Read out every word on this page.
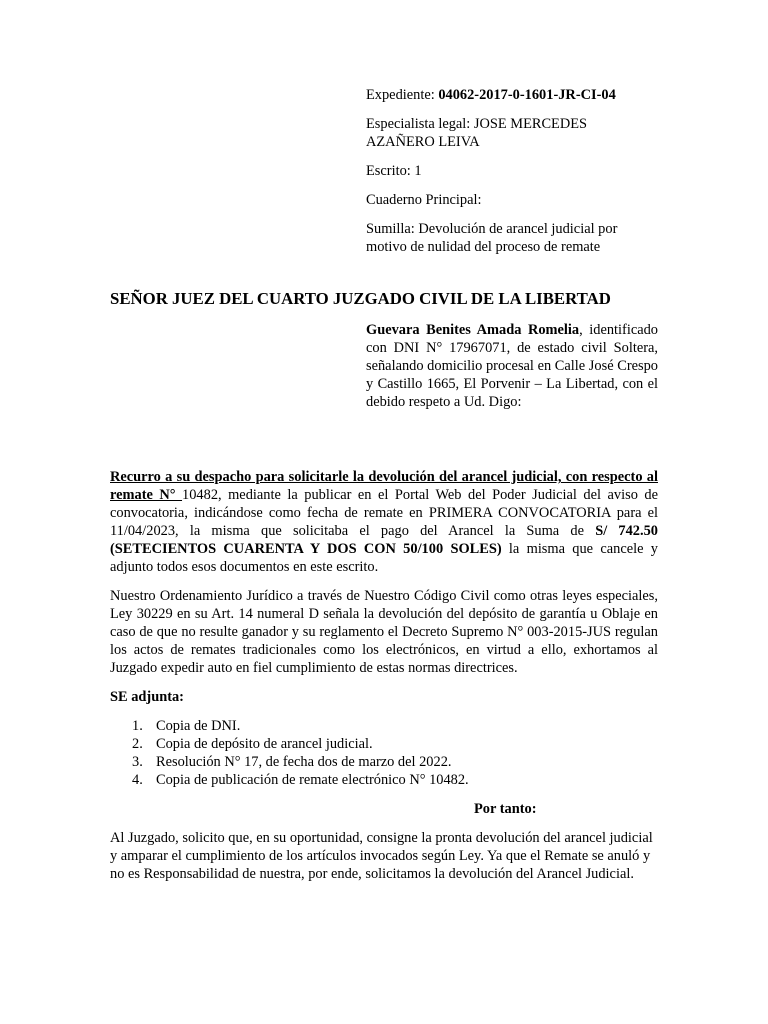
Expediente: 04062-2017-0-1601-JR-CI-04

Especialista legal: JOSE MERCEDES AZAÑERO LEIVA

Escrito: 1

Cuaderno Principal:

Sumilla: Devolución de arancel judicial por motivo de nulidad del proceso de remate

SEÑOR JUEZ DEL CUARTO JUZGADO CIVIL DE LA LIBERTAD

Guevara Benites Amada Romelia, identificado con DNI N° 17967071, de estado civil Soltera, señalando domicilio procesal en Calle José Crespo y Castillo 1665, El Porvenir – La Libertad, con el debido respeto a Ud. Digo:

Recurro a su despacho para solicitarle la devolución del arancel judicial, con respecto al remate N° 10482, mediante la publicar en el Portal Web del Poder Judicial del aviso de convocatoria, indicándose como fecha de remate en PRIMERA CONVOCATORIA para el 11/04/2023, la misma que solicitaba el pago del Arancel la Suma de S/ 742.50 (SETECIENTOS CUARENTA Y DOS CON 50/100 SOLES) la misma que cancele y adjunto todos esos documentos en este escrito.

Nuestro Ordenamiento Jurídico a través de Nuestro Código Civil como otras leyes especiales, Ley 30229 en su Art. 14 numeral D señala la devolución del depósito de garantía u Oblaje en caso de que no resulte ganador y su reglamento el Decreto Supremo N° 003-2015-JUS regulan los actos de remates tradicionales como los electrónicos, en virtud a ello, exhortamos al Juzgado expedir auto en fiel cumplimiento de estas normas directrices.

SE adjunta:

1. Copia de DNI.
2. Copia de depósito de arancel judicial.
3. Resolución N° 17, de fecha dos de marzo del 2022.
4. Copia de publicación de remate electrónico N° 10482.

Por tanto:

Al Juzgado, solicito que, en su oportunidad, consigne la pronta devolución del arancel judicial y amparar el cumplimiento de los artículos invocados según Ley. Ya que el Remate se anuló y no es Responsabilidad de nuestra, por ende, solicitamos la devolución del Arancel Judicial.
